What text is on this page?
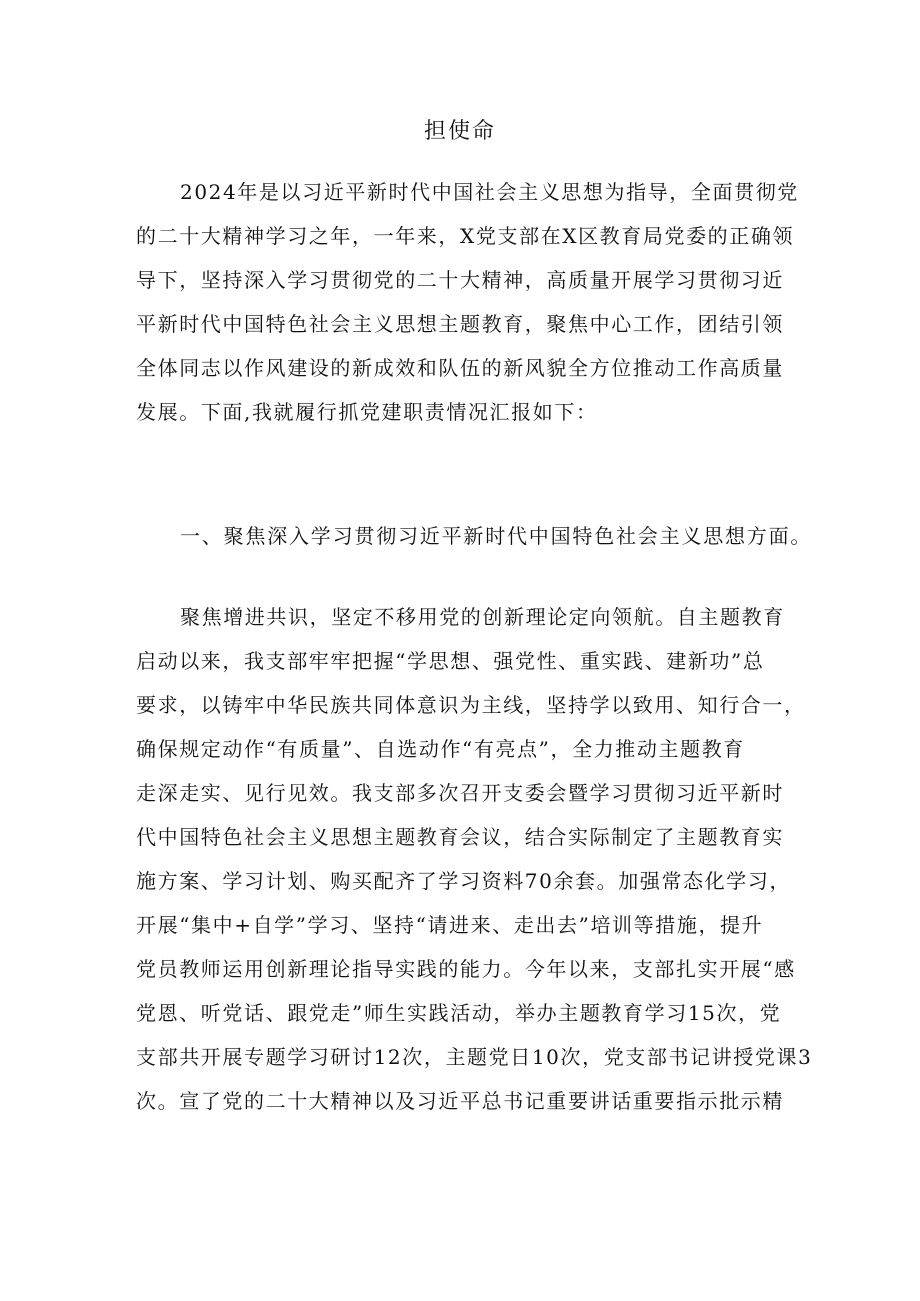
担使命
2024年是以习近平新时代中国社会主义思想为指导，全面贯彻党
的二十大精神学习之年，一年来，X党支部在X区教育局党委的正确领
导下，坚持深入学习贯彻党的二十大精神，高质量开展学习贯彻习近
平新时代中国特色社会主义思想主题教育，聚焦中心工作，团结引领
全体同志以作风建设的新成效和队伍的新风貌全方位推动工作高质量
发展。下面,我就履行抓党建职责情况汇报如下：
一、聚焦深入学习贯彻习近平新时代中国特色社会主义思想方面。
聚焦增进共识，坚定不移用党的创新理论定向领航。自主题教育
启动以来，我支部牢牢把握“学思想、强党性、重实践、建新功”总
要求，以铸牢中华民族共同体意识为主线，坚持学以致用、知行合一，
确保规定动作“有质量”、自选动作“有亮点”，全力推动主题教育
走深走实、见行见效。我支部多次召开支委会暨学习贯彻习近平新时
代中国特色社会主义思想主题教育会议，结合实际制定了主题教育实
施方案、学习计划、购买配齐了学习资料70余套。加强常态化学习，
开展“集中+自学”学习、坚持“请进来、走出去”培训等措施，提升
党员教师运用创新理论指导实践的能力。今年以来，支部扎实开展“感
党恩、听党话、跟党走”师生实践活动，举办主题教育学习15次，党
支部共开展专题学习研讨12次，主题党日10次，党支部书记讲授党课3
次。宣了党的二十大精神以及习近平总书记重要讲话重要指示批示精
